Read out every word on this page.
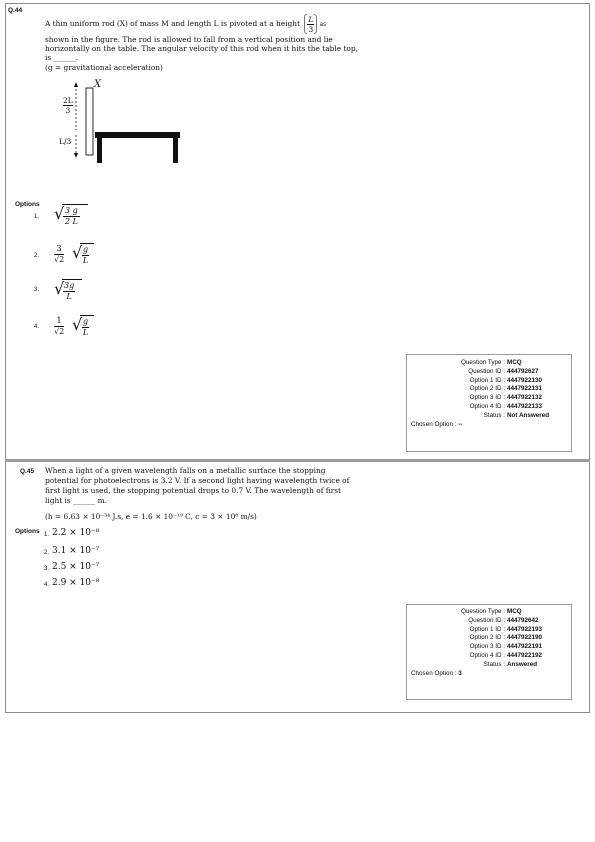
Q.44
A thin uniform rod (X) of mass M and length L is pivoted at a height $\frac{L}{3}$ as
shown in the figure. The rod is allowed to fall from a vertical position and lie
horizontally on the table. The angular velocity of this rod when it hits the table top,
is ______.
(g = gravitational acceleration)
X
2L
3
L/3
Options
1. √ 3 g
2 L
2.
3
√2 √ g
L
3. √ 3g
L
4.
1
√2 √ g
L
Question Type : MCQ
Question ID : 444792627
Option 1 ID : 4447922130
Option 2 ID : 4447922131
Option 3 ID : 4447922132
Option 4 ID : 4447922133
Status : Not Answered
Chosen Option : --
Q.45 When a light of a given wavelength falls on a metallic surface the stopping
potential for photoelectrons is 3.2 V. If a second light having wavelength twice of
first light is used, the stopping potential drops to 0.7 V. The wavelength of first
light is ______ m.
(h = 6.63 × 10⁻³⁴ J.s, e = 1.6 × 10⁻¹⁹ C, c = 3 × 10⁸ m/s)
Options 1. 2.2 × 10⁻⁸
2. 3.1 × 10⁻⁷
3. 2.5 × 10⁻⁷
4. 2.9 × 10⁻⁸
Question Type : MCQ
Question ID : 444792642
Option 1 ID : 4447922193
Option 2 ID : 4447922190
Option 3 ID : 4447922191
Option 4 ID : 4447922192
Status : Answered
Chosen Option : 3
